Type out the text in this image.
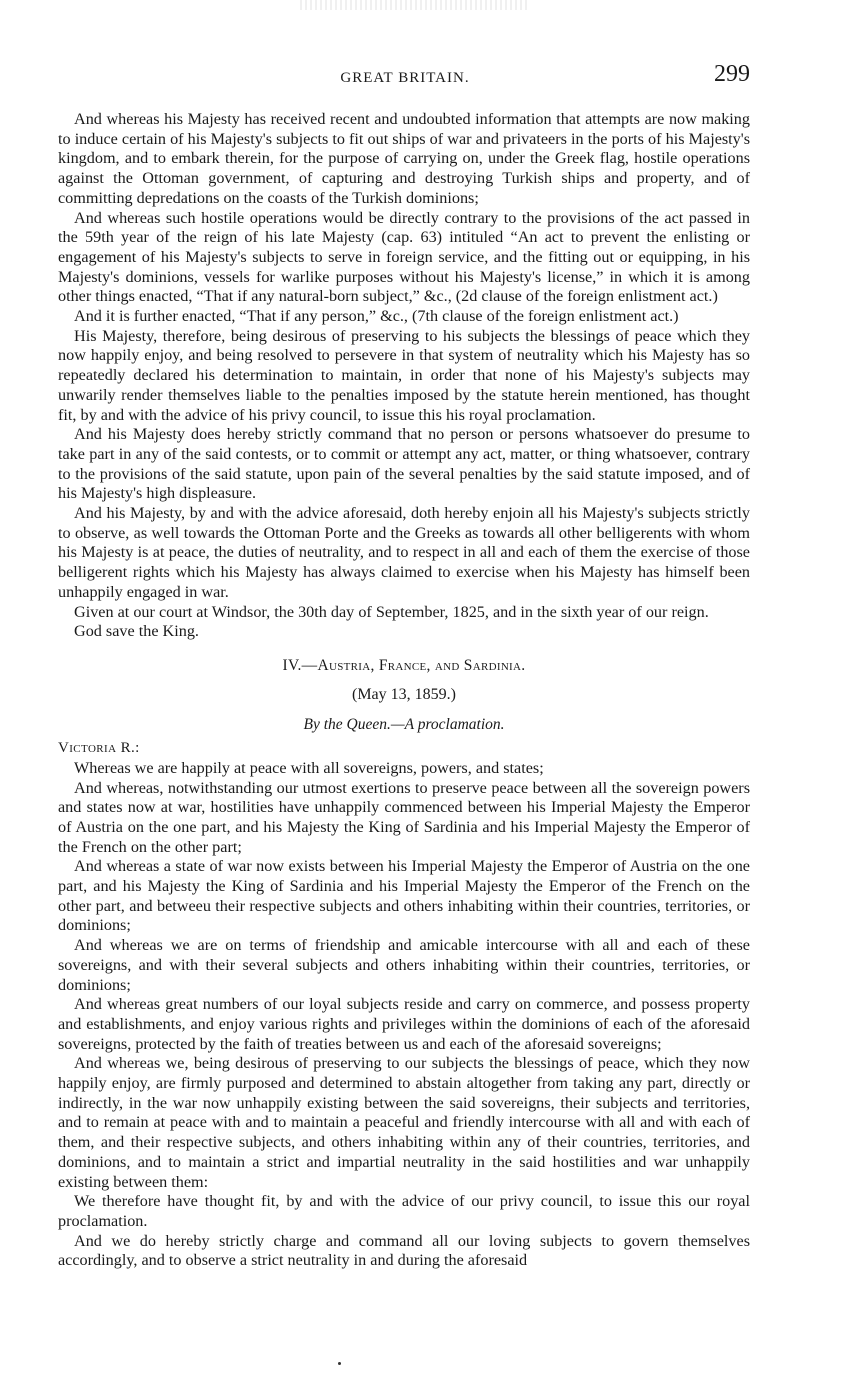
GREAT BRITAIN.	299

And whereas his Majesty has received recent and undoubted information that attempts are now making to induce certain of his Majesty's subjects to fit out ships of war and privateers in the ports of his Majesty's kingdom, and to embark therein, for the purpose of carrying on, under the Greek flag, hostile operations against the Ottoman government, of capturing and destroying Turkish ships and property, and of committing depredations on the coasts of the Turkish dominions;

And whereas such hostile operations would be directly contrary to the provisions of the act passed in the 59th year of the reign of his late Majesty (cap. 63) intituled “An act to prevent the enlisting or engagement of his Majesty's subjects to serve in foreign service, and the fitting out or equipping, in his Majesty's dominions, vessels for warlike purposes without his Majesty's license,” in which it is among other things enacted, “That if any natural-born subject,” &c., (2d clause of the foreign enlistment act.)

And it is further enacted, “That if any person,” &c., (7th clause of the foreign enlistment act.)

His Majesty, therefore, being desirous of preserving to his subjects the blessings of peace which they now happily enjoy, and being resolved to persevere in that system of neutrality which his Majesty has so repeatedly declared his determination to maintain, in order that none of his Majesty's subjects may unwarily render themselves liable to the penalties imposed by the statute herein mentioned, has thought fit, by and with the advice of his privy council, to issue this his royal proclamation.

And his Majesty does hereby strictly command that no person or persons whatsoever do presume to take part in any of the said contests, or to commit or attempt any act, matter, or thing whatsoever, contrary to the provisions of the said statute, upon pain of the several penalties by the said statute imposed, and of his Majesty's high displeasure.

And his Majesty, by and with the advice aforesaid, doth hereby enjoin all his Majesty's subjects strictly to observe, as well towards the Ottoman Porte and the Greeks as towards all other belligerents with whom his Majesty is at peace, the duties of neutrality, and to respect in all and each of them the exercise of those belligerent rights which his Majesty has always claimed to exercise when his Majesty has himself been unhappily engaged in war.

Given at our court at Windsor, the 30th day of September, 1825, and in the sixth year of our reign.

God save the King.

IV.—Austria, France, and Sardinia.
(May 13, 1859.)
By the Queen.—A proclamation.
Victoria R.:

Whereas we are happily at peace with all sovereigns, powers, and states;

And whereas, notwithstanding our utmost exertions to preserve peace between all the sovereign powers and states now at war, hostilities have unhappily commenced between his Imperial Majesty the Emperor of Austria on the one part, and his Majesty the King of Sardinia and his Imperial Majesty the Emperor of the French on the other part;

And whereas a state of war now exists between his Imperial Majesty the Emperor of Austria on the one part, and his Majesty the King of Sardinia and his Imperial Majesty the Emperor of the French on the other part, and betweeu their respective subjects and others inhabiting within their countries, territories, or dominions;

And whereas we are on terms of friendship and amicable intercourse with all and each of these sovereigns, and with their several subjects and others inhabiting within their countries, territories, or dominions;

And whereas great numbers of our loyal subjects reside and carry on commerce, and possess property and establishments, and enjoy various rights and privileges within the dominions of each of the aforesaid sovereigns, protected by the faith of treaties between us and each of the aforesaid sovereigns;

And whereas we, being desirous of preserving to our subjects the blessings of peace, which they now happily enjoy, are firmly purposed and determined to abstain altogether from taking any part, directly or indirectly, in the war now unhappily existing between the said sovereigns, their subjects and territories, and to remain at peace with and to maintain a peaceful and friendly intercourse with all and with each of them, and their respective subjects, and others inhabiting within any of their countries, territories, and dominions, and to maintain a strict and impartial neutrality in the said hostilities and war unhappily existing between them:

We therefore have thought fit, by and with the advice of our privy council, to issue this our royal proclamation.

And we do hereby strictly charge and command all our loving subjects to govern themselves accordingly, and to observe a strict neutrality in and during the aforesaid
